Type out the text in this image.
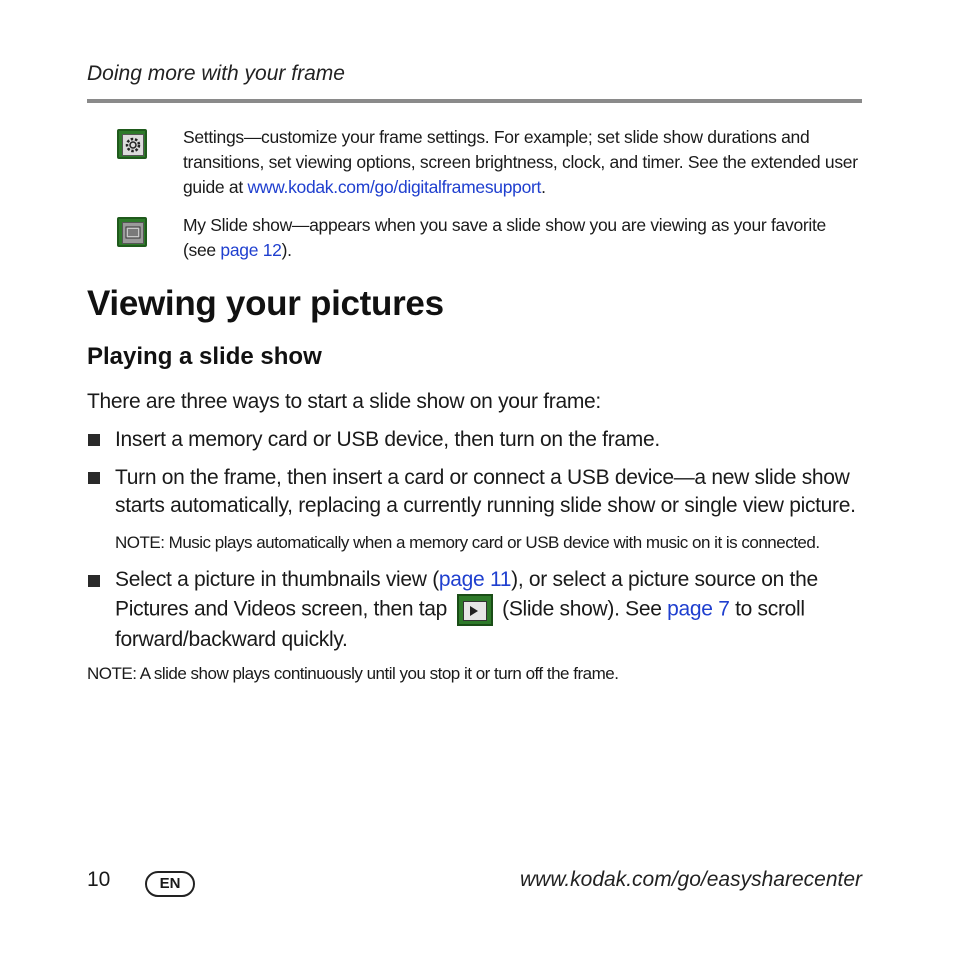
Doing more with your frame
Settings—customize your frame settings. For example; set slide show durations and transitions, set viewing options, screen brightness, clock, and timer. See the extended user guide at www.kodak.com/go/digitalframesupport.
My Slide show—appears when you save a slide show you are viewing as your favorite (see page 12).
Viewing your pictures
Playing a slide show
There are three ways to start a slide show on your frame:
Insert a memory card or USB device, then turn on the frame.
Turn on the frame, then insert a card or connect a USB device—a new slide show starts automatically, replacing a currently running slide show or single view picture.
NOTE: Music plays automatically when a memory card or USB device with music on it is connected.
Select a picture in thumbnails view (page 11), or select a picture source on the
Pictures and Videos screen, then tap	(Slide show). See page 7 to scroll
forward/backward quickly.
NOTE: A slide show plays continuously until you stop it or turn off the frame.
10	EN	www.kodak.com/go/easysharecenter
